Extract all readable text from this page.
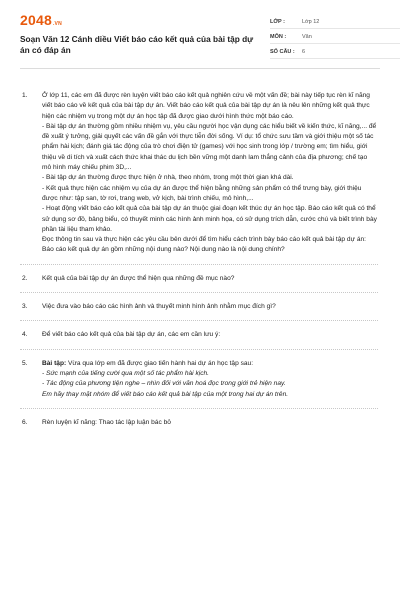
2048.VN
Soạn Văn 12 Cánh diều Viết báo cáo kết quả của bài tập dự án có đáp án
LỚP :	Lớp 12
MÔN :	Văn
SỐ CÂU : 6
1. Ở lớp 11, các em đã được rèn luyện viết báo cáo kết quả nghiên cứu về một vấn đề; bài này tiếp tục rèn kĩ năng viết báo cáo về kết quả của bài tập dự án. Viết báo cáo kết quả của bài tập dự án là nêu lên những kết quả thực hiện các nhiệm vụ trong một dự án học tập đã được giao dưới hình thức một báo cáo.
- Bài tập dự án thường gồm nhiều nhiệm vụ, yêu cầu người học vận dụng các hiểu biết về kiến thức, kĩ năng,... để đề xuất ý tưởng, giải quyết các vấn đề gắn với thực tiễn đời sống. Ví dụ: tổ chức sưu tầm và giới thiệu một số tác phẩm hài kịch; đánh giá tác động của trò chơi điện tử (games) với học sinh trong lớp / trường em; tìm hiểu, giới thiệu về di tích và xuất cách thức khai thác du lịch bền vững một danh lam thắng cảnh của địa phương; chế tạo mô hình máy chiếu phim 3D,...
- Bài tập dự án thường được thực hiện ở nhà, theo nhóm, trong một thời gian khá dài.
- Kết quả thực hiện các nhiệm vụ của dự án được thể hiện bằng những sản phẩm có thể trưng bày, giới thiệu được như: tập san, tờ rơi, trang web, vở kịch, bài trình chiếu, mô hình,...
- Hoạt động viết báo cáo kết quả của bài tập dự án thuộc giai đoạn kết thúc dự án học tập. Báo cáo kết quả có thể sử dụng sơ đồ, bảng biểu, có thuyết minh các hình ảnh minh họa, có sử dụng trích dẫn, cước chú và biết trình bày phần tài liệu tham khảo.
Đọc thông tin sau và thực hiện các yêu cầu bên dưới để tìm hiểu cách trình bày báo cáo kết quả bài tập dự án:
Báo cáo kết quả dự án gồm những nội dung nào? Nội dung nào là nội dung chính?
2. Kết quả của bài tập dự án được thể hiện qua những đề mục nào?
3. Việc đưa vào báo cáo các hình ảnh và thuyết minh hình ảnh nhằm mục đích gì?
4. Để viết báo cáo kết quả của bài tập dự án, các em cần lưu ý:
5. Bài tập: Vừa qua lớp em đã được giao tiến hành hai dự án học tập sau:
- Sức mạnh của tiếng cười qua một số tác phẩm hài kịch.
- Tác động của phương tiện nghe – nhìn đối với văn hoá đọc trong giới trẻ hiện nay.
Em hãy thay mặt nhóm để viết báo cáo kết quả bài tập của một trong hai dự án trên.
6. Rèn luyện kĩ năng: Thao tác lập luận bác bỏ
